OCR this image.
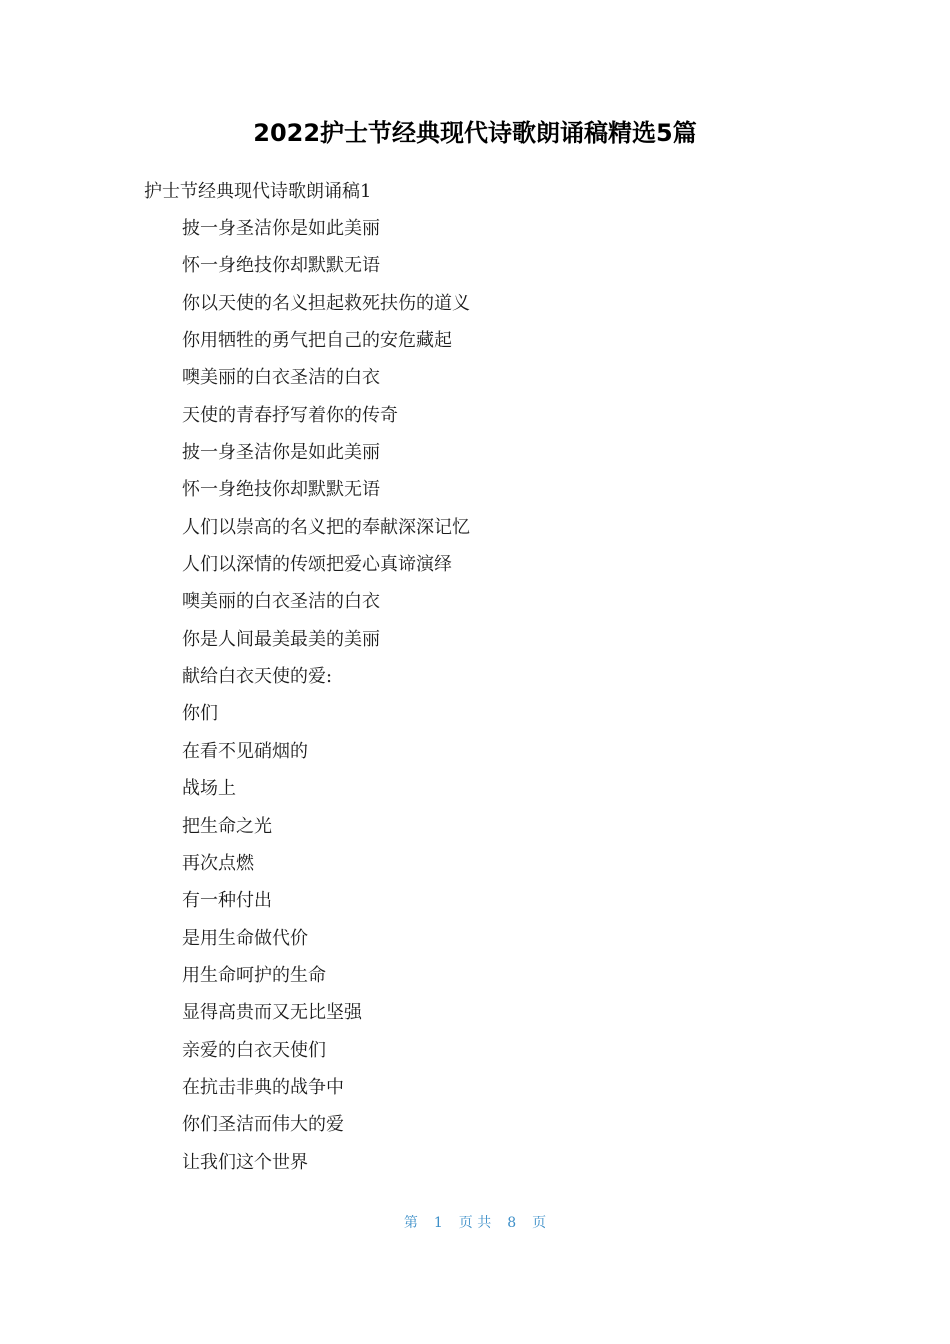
2022护士节经典现代诗歌朗诵稿精选5篇

护士节经典现代诗歌朗诵稿1

披一身圣洁你是如此美丽
怀一身绝技你却默默无语
你以天使的名义担起救死扶伤的道义
你用牺牲的勇气把自己的安危藏起
噢美丽的白衣圣洁的白衣
天使的青春抒写着你的传奇
披一身圣洁你是如此美丽
怀一身绝技你却默默无语
人们以崇高的名义把的奉献深深记忆
人们以深情的传颂把爱心真谛演绎
噢美丽的白衣圣洁的白衣
你是人间最美最美的美丽
献给白衣天使的爱:
你们
在看不见硝烟的
战场上
把生命之光
再次点燃
有一种付出
是用生命做代价
用生命呵护的生命
显得高贵而又无比坚强
亲爱的白衣天使们
在抗击非典的战争中
你们圣洁而伟大的爱
让我们这个世界
第 1 页 共 8 页
